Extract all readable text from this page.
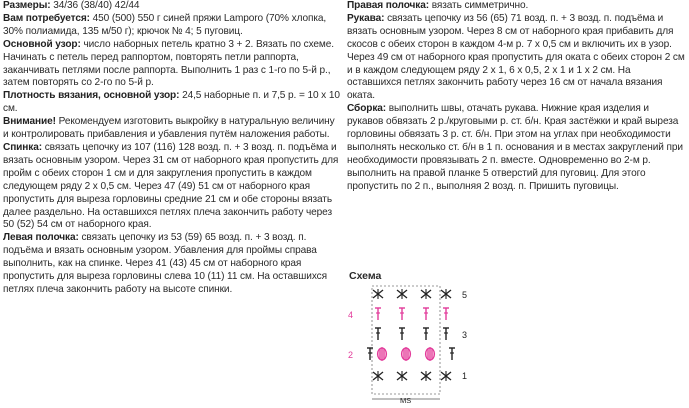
Размеры: 34/36 (38/40) 42/44

Вам потребуется: 450 (500) 550 г синей пряжи Lamporo (70% хлопка, 30% полиамида, 135 м/50 г); крючок № 4; 5 пуговиц.

Основной узор: число наборных петель кратно 3 + 2. Вязать по схеме. Начинать с петель перед раппортом, повторять петли раппорта, заканчивать петлями после раппорта. Выполнить 1 раз с 1-го по 5-й р., затем повторять со 2-го по 5-й р.

Плотность вязания, основной узор: 24,5 наборные п. и 7,5 р. = 10 х 10 см.

Внимание! Рекомендуем изготовить выкройку в натуральную величину и контролировать прибавления и убавления путём наложения работы.

Спинка: связать цепочку из 107 (116) 128 возд. п. + 3 возд. п. подъёма и вязать основным узором. Через 31 см от наборного края пропустить для пройм с обеих сторон 1 см и для закругления пропустить в каждом следующем ряду 2 х 0,5 см. Через 47 (49) 51 см от наборного края пропустить для выреза горловины средние 21 см и обе стороны вязать далее раздельно. На оставшихся петлях плеча закончить работу через 50 (52) 54 см от наборного края.

Левая полочка: связать цепочку из 53 (59) 65 возд. п. + 3 возд. п. подъёма и вязать основным узором. Убавления для проймы справа выполнить, как на спинке. Через 41 (43) 45 см от наборного края пропустить для выреза горловины слева 10 (11) 11 см. На оставшихся петлях плеча закончить работу на высоте спинки.

Правая полочка: вязать симметрично.

Рукава: связать цепочку из 56 (65) 71 возд. п. + 3 возд. п. подъёма и вязать основным узором. Через 8 см от наборного края прибавить для скосов с обеих сторон в каждом 4-м р. 7 х 0,5 см и включить их в узор. Через 49 см от наборного края пропустить для оката с обеих сторон 2 см и в каждом следующем ряду 2 х 1, 6 х 0,5, 2 х 1 и 1 х 2 см. На оставшихся петлях закончить работу через 16 см от начала вязания оката.

Сборка: выполнить швы, отачать рукава. Нижние края изделия и рукавов обвязать 2 р./круговыми р. ст. б/н. Края застёжки и край выреза горловины обвязать 3 р. ст. б/н. При этом на углах при необходимости выполнять несколько ст. б/н в 1 п. основания и в местах закруглений при необходимости провязывать 2 п. вместе. Одновременно во 2-м р. выполнить на правой планке 5 отверстий для пуговиц. Для этого пропустить по 2 п., выполняя 2 возд. п. Пришить пуговицы.

Схема
5
3
1
4
2
MS
